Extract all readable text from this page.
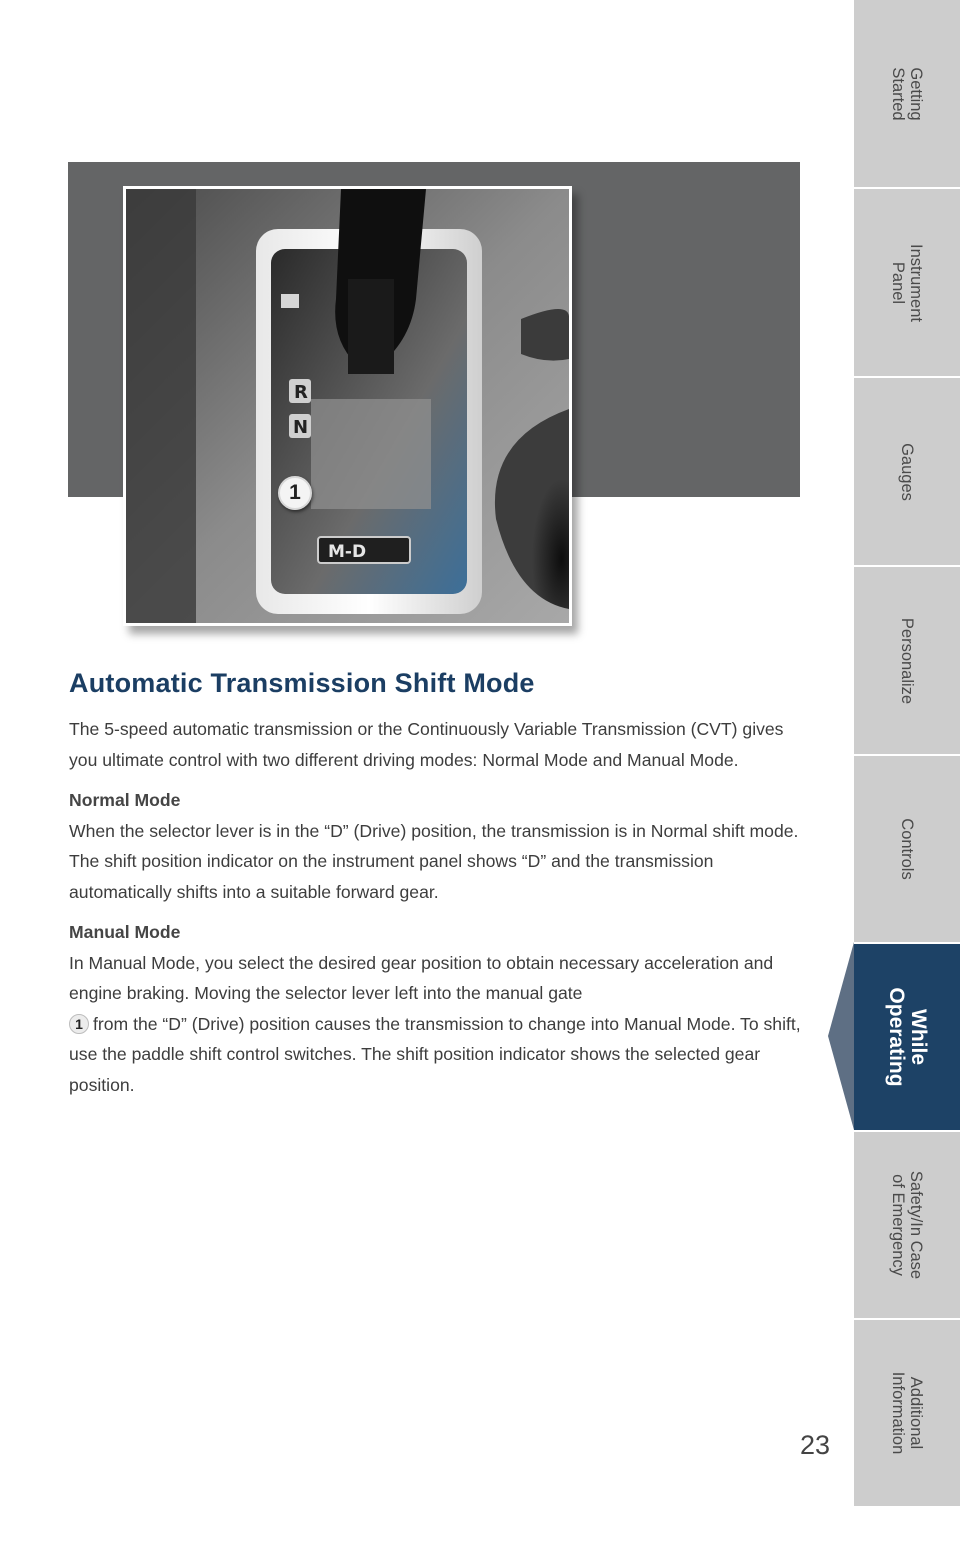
R
N
M-D
1
Automatic Transmission Shift Mode

The 5-speed automatic transmission or the Continuously Variable Transmission (CVT) gives you ultimate control with two different driving modes: Normal Mode and Manual Mode.

Normal Mode

When the selector lever is in the “D” (Drive) position, the transmission is in Normal shift mode. The shift position indicator on the instrument panel shows “D” and the transmission automatically shifts into a suitable forward gear.

Manual Mode

In Manual Mode, you select the desired gear position to obtain necessary acceleration and engine braking. Moving the selector lever left into the manual gate
1 from the “D” (Drive) position causes the transmission to change into Manual Mode. To shift, use the paddle shift control switches. The shift position indicator shows the selected gear position.

23
Getting
Started
Instrument
Panel
Gauges
Personalize
Controls
While
Operating
Safety/In Case
of Emergency
Additional
Information
